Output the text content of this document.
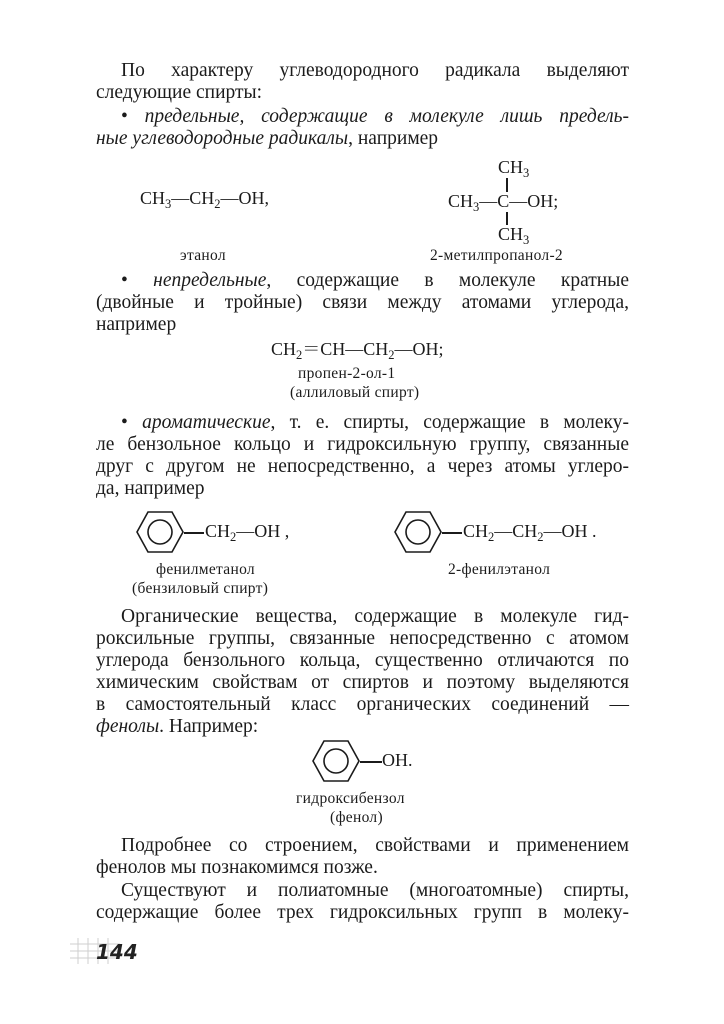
По характеру углеводородного радикала выделяют
следующие спирты:
• предельные, содержащие в молекуле лишь предель-
ные углеводородные радикалы, например
$CH_3—CH_2—OH$,
этанол
$CH_3$
$CH_3—C—OH$;
$CH_3$
2-метилпропанол-2
• непредельные, содержащие в молекуле кратные
(двойные и тройные) связи между атомами углерода,
например
$CH_2=CH—CH_2—OH$;
пропен-2-ол-1
(аллиловый спирт)
• ароматические, т. е. спирты, содержащие в молеку-
ле бензольное кольцо и гидроксильную группу, связанные
друг с другом не непосредственно, а через атомы углеро-
да, например
$CH_2—OH$ ,
фенилметанол
(бензиловый спирт)
$CH_2—CH_2—OH$ .
2-фенилэтанол
Органические вещества, содержащие в молекуле гид-
роксильные группы, связанные непосредственно с атомом
углерода бензольного кольца, существенно отличаются по
химическим свойствам от спиртов и поэтому выделяются
в самостоятельный класс органических соединений —
фенолы. Например:
OH.
гидроксибензол
(фенол)
Подробнее со строением, свойствами и применением
фенолов мы познакомимся позже.
Существуют и полиатомные (многоатомные) спирты,
содержащие более трех гидроксильных групп в молеку-
144
